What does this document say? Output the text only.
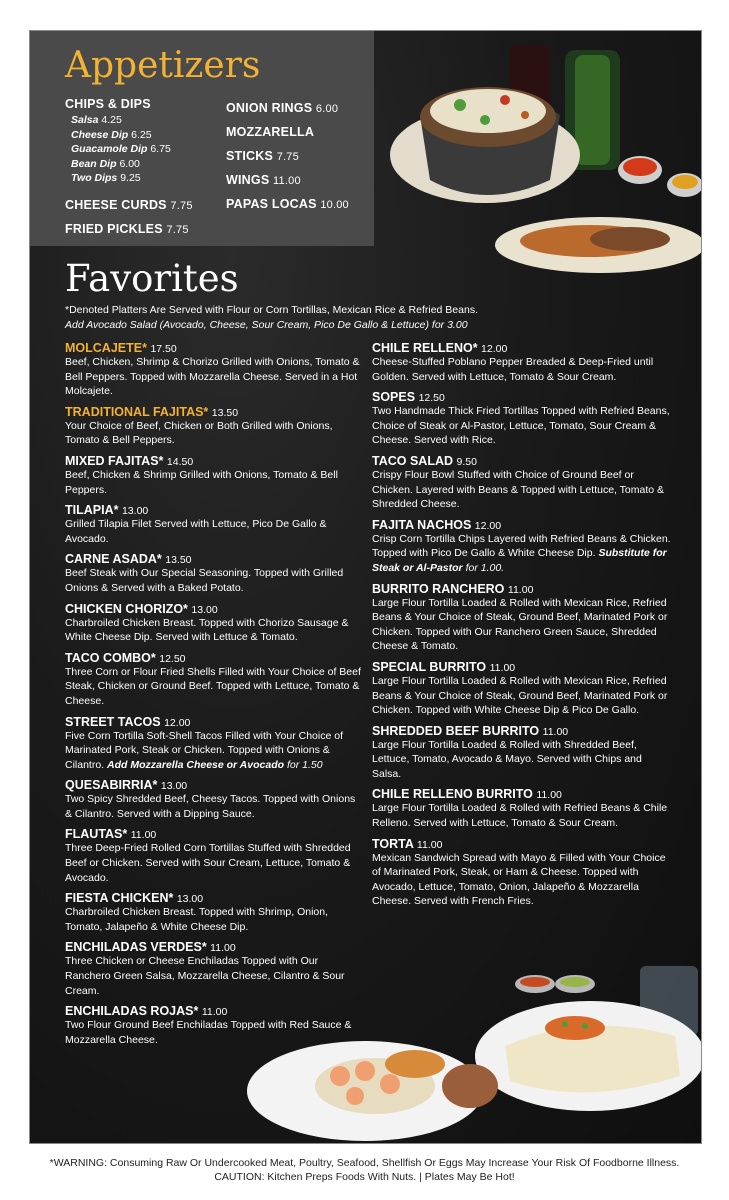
Appetizers
CHIPS & DIPS
Salsa 4.25
Cheese Dip 6.25
Guacamole Dip 6.75
Bean Dip 6.00
Two Dips 9.25
CHEESE CURDS 7.75
FRIED PICKLES 7.75
ONION RINGS 6.00
MOZZARELLA
STICKS 7.75
WINGS 11.00
PAPAS LOCAS 10.00
Favorites
*Denoted Platters Are Served with Flour or Corn Tortillas, Mexican Rice & Refried Beans.
Add Avocado Salad (Avocado, Cheese, Sour Cream, Pico De Gallo & Lettuce) for 3.00
MOLCAJETE* 17.50
Beef, Chicken, Shrimp & Chorizo Grilled with Onions, Tomato & Bell Peppers. Topped with Mozzarella Cheese. Served in a Hot Molcajete.
TRADITIONAL FAJITAS* 13.50
Your Choice of Beef, Chicken or Both Grilled with Onions, Tomato & Bell Peppers.
MIXED FAJITAS* 14.50
Beef, Chicken & Shrimp Grilled with Onions, Tomato & Bell Peppers.
TILAPIA* 13.00
Grilled Tilapia Filet Served with Lettuce, Pico De Gallo & Avocado.
CARNE ASADA* 13.50
Beef Steak with Our Special Seasoning. Topped with Grilled Onions & Served with a Baked Potato.
CHICKEN CHORIZO* 13.00
Charbroiled Chicken Breast. Topped with Chorizo Sausage & White Cheese Dip. Served with Lettuce & Tomato.
TACO COMBO* 12.50
Three Corn or Flour Fried Shells Filled with Your Choice of Beef Steak, Chicken or Ground Beef. Topped with Lettuce, Tomato & Cheese.
STREET TACOS 12.00
Five Corn Tortilla Soft-Shell Tacos Filled with Your Choice of Marinated Pork, Steak or Chicken. Topped with Onions & Cilantro. Add Mozzarella Cheese or Avocado for 1.50
QUESABIRRIA* 13.00
Two Spicy Shredded Beef, Cheesy Tacos. Topped with Onions & Cilantro. Served with a Dipping Sauce.
FLAUTAS* 11.00
Three Deep-Fried Rolled Corn Tortillas Stuffed with Shredded Beef or Chicken. Served with Sour Cream, Lettuce, Tomato & Avocado.
FIESTA CHICKEN* 13.00
Charbroiled Chicken Breast. Topped with Shrimp, Onion, Tomato, Jalapeño & White Cheese Dip.
ENCHILADAS VERDES* 11.00
Three Chicken or Cheese Enchiladas Topped with Our Ranchero Green Salsa, Mozzarella Cheese, Cilantro & Sour Cream.
ENCHILADAS ROJAS* 11.00
Two Flour Ground Beef Enchiladas Topped with Red Sauce & Mozzarella Cheese.
CHILE RELLENO* 12.00
Cheese-Stuffed Poblano Pepper Breaded & Deep-Fried until Golden. Served with Lettuce, Tomato & Sour Cream.
SOPES 12.50
Two Handmade Thick Fried Tortillas Topped with Refried Beans, Choice of Steak or Al-Pastor, Lettuce, Tomato, Sour Cream & Cheese. Served with Rice.
TACO SALAD 9.50
Crispy Flour Bowl Stuffed with Choice of Ground Beef or Chicken. Layered with Beans & Topped with Lettuce, Tomato & Shredded Cheese.
FAJITA NACHOS 12.00
Crisp Corn Tortilla Chips Layered with Refried Beans & Chicken. Topped with Pico De Gallo & White Cheese Dip. Substitute for Steak or Al-Pastor for 1.00.
BURRITO RANCHERO 11.00
Large Flour Tortilla Loaded & Rolled with Mexican Rice, Refried Beans & Your Choice of Steak, Ground Beef, Marinated Pork or Chicken. Topped with Our Ranchero Green Sauce, Shredded Cheese & Tomato.
SPECIAL BURRITO 11.00
Large Flour Tortilla Loaded & Rolled with Mexican Rice, Refried Beans & Your Choice of Steak, Ground Beef, Marinated Pork or Chicken. Topped with White Cheese Dip & Pico De Gallo.
SHREDDED BEEF BURRITO 11.00
Large Flour Tortilla Loaded & Rolled with Shredded Beef, Lettuce, Tomato, Avocado & Mayo. Served with Chips and Salsa.
CHILE RELLENO BURRITO 11.00
Large Flour Tortilla Loaded & Rolled with Refried Beans & Chile Relleno. Served with Lettuce, Tomato & Sour Cream.
TORTA 11.00
Mexican Sandwich Spread with Mayo & Filled with Your Choice of Marinated Pork, Steak, or Ham & Cheese. Topped with Avocado, Lettuce, Tomato, Onion, Jalapeño & Mozzarella Cheese. Served with French Fries.
*WARNING: Consuming Raw Or Undercooked Meat, Poultry, Seafood, Shellfish Or Eggs May Increase Your Risk Of Foodborne Illness.
CAUTION: Kitchen Preps Foods With Nuts. | Plates May Be Hot!
